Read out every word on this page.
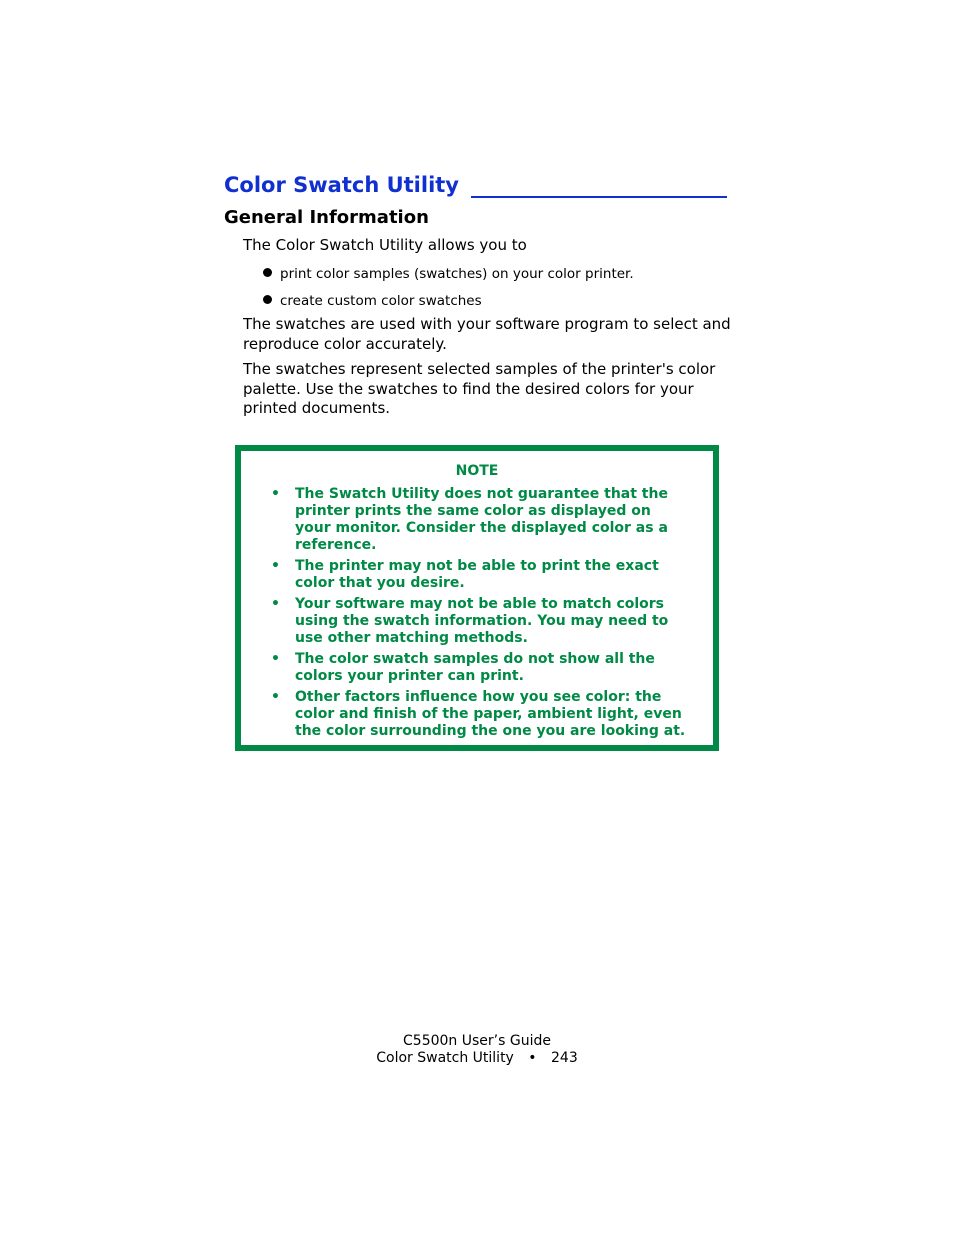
Color Swatch Utility
General Information

The Color Swatch Utility allows you to

print color samples (swatches) on your color printer.
create custom color swatches

The swatches are used with your software program to select and reproduce color accurately.

The swatches represent selected samples of the printer's color palette. Use the swatches to find the desired colors for your printed documents.

NOTE
• The Swatch Utility does not guarantee that the printer prints the same color as displayed on your monitor. Consider the displayed color as a reference.
• The printer may not be able to print the exact color that you desire.
• Your software may not be able to match colors using the swatch information. You may need to use other matching methods.
• The color swatch samples do not show all the colors your printer can print.
• Other factors influence how you see color: the color and finish of the paper, ambient light, even the color surrounding the one you are looking at.
C5500n User’s Guide
Color Swatch Utility • 243
